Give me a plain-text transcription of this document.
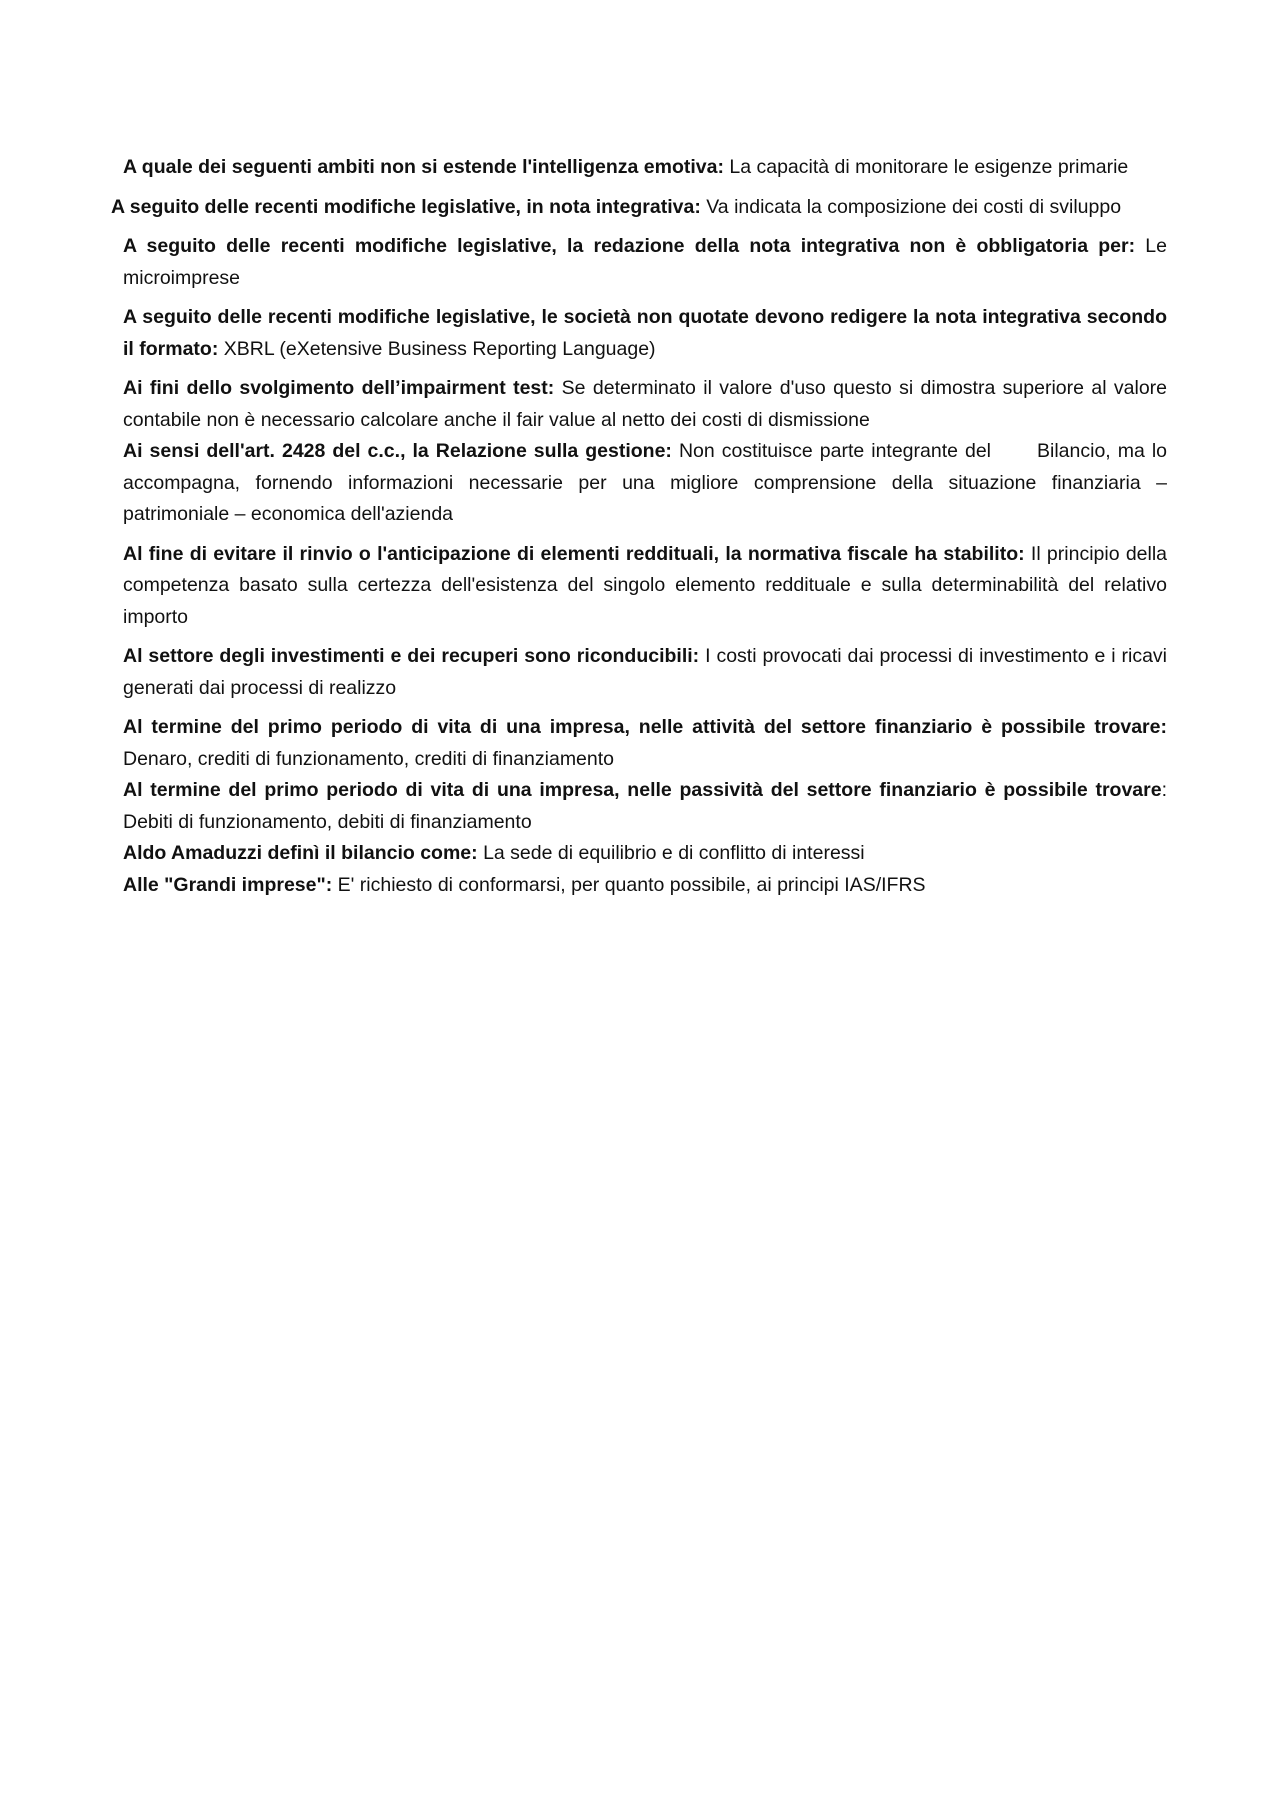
A quale dei seguenti ambiti non si estende l'intelligenza emotiva: La capacità di monitorare le esigenze primarie

A seguito delle recenti modifiche legislative, in nota integrativa: Va indicata la composizione dei costi di sviluppo

A seguito delle recenti modifiche legislative, la redazione della nota integrativa non è obbligatoria per: Le microimprese

A seguito delle recenti modifiche legislative, le società non quotate devono redigere la nota integrativa secondo il formato: XBRL (eXetensive Business Reporting Language)

Ai fini dello svolgimento dell’impairment test: Se determinato il valore d'uso questo si dimostra superiore al valore contabile non è necessario calcolare anche il fair value al netto dei costi di dismissione

Ai sensi dell'art. 2428 del c.c., la Relazione sulla gestione: Non costituisce parte integrante del Bilancio, ma lo accompagna, fornendo informazioni necessarie per una migliore comprensione della situazione finanziaria – patrimoniale – economica dell'azienda

Al fine di evitare il rinvio o l'anticipazione di elementi reddituali, la normativa fiscale ha stabilito: Il principio della competenza basato sulla certezza dell'esistenza del singolo elemento reddituale e sulla determinabilità del relativo importo

Al settore degli investimenti e dei recuperi sono riconducibili: I costi provocati dai processi di investimento e i ricavi generati dai processi di realizzo

Al termine del primo periodo di vita di una impresa, nelle attività del settore finanziario è possibile trovare: Denaro, crediti di funzionamento, crediti di finanziamento

Al termine del primo periodo di vita di una impresa, nelle passività del settore finanziario è possibile trovare: Debiti di funzionamento, debiti di finanziamento

Aldo Amaduzzi definì il bilancio come: La sede di equilibrio e di conflitto di interessi

Alle "Grandi imprese": E' richiesto di conformarsi, per quanto possibile, ai principi IAS/IFRS
